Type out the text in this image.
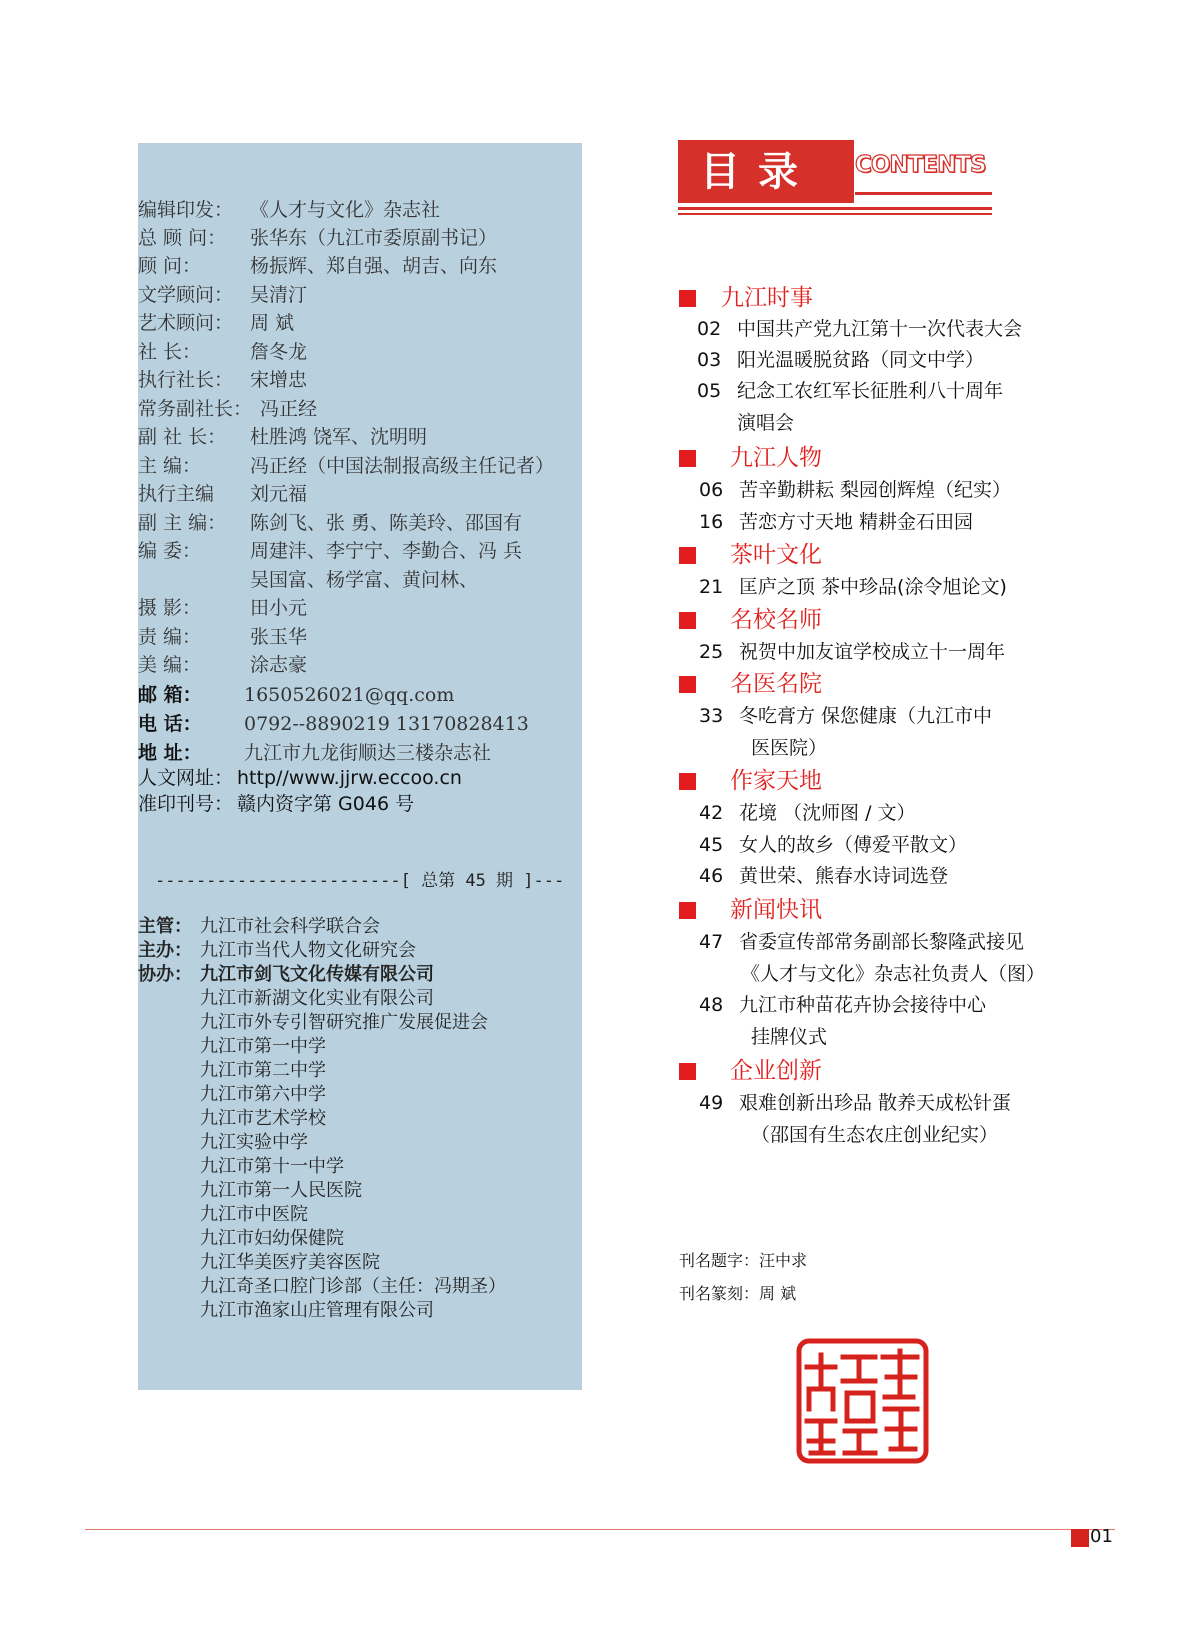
编辑印发： 《人才与文化》杂志社
总 顾 问： 张华东（九江市委原副书记）
顾 问：	杨振辉、郑自强、胡吉、向东
文学顾问： 吴清汀
艺术顾问： 周 斌
社 长：	詹冬龙
执行社长： 宋增忠
常务副社长： 冯正经
副 社 长： 杜胜鸿 饶军、沈明明
主 编：	冯正经（中国法制报高级主任记者）
执行主编 刘元福
副 主 编： 陈剑飞、张 勇、陈美玲、邵国有
编 委：	周建沣、李宁宁、李勤合、冯 兵
吴国富、杨学富、黄问林、
摄 影：	田小元
责 编：	张玉华
美 编：	涂志豪
邮 箱： 1650526021@qq.com
电 话： 0792--8890219 13170828413
地 址： 九江市九龙街顺达三楼杂志社
人文网址： http//www.jjrw.eccoo.cn
准印刊号： 赣内资字第 G046 号
------------------------[ 总第 45 期 ]---
主管： 九江市社会科学联合会
主办： 九江市当代人物文化研究会
协办： 九江市剑飞文化传媒有限公司
九江市新湖文化实业有限公司
九江市外专引智研究推广发展促进会
九江市第一中学
九江市第二中学
九江市第六中学
九江市艺术学校
九江实验中学
九江市第十一中学
九江市第一人民医院
九江市中医院
九江市妇幼保健院
九江华美医疗美容医院
九江奇圣口腔门诊部（主任：冯期圣）
九江市渔家山庄管理有限公司
目录	CONTENTS
九江时事
02 中国共产党九江第十一次代表大会
03 阳光温暖脱贫路（同文中学）
05 纪念工农红军长征胜利八十周年
演唱会
九江人物
06 苦辛勤耕耘 梨园创辉煌（纪实）
16 苦恋方寸天地 精耕金石田园
茶叶文化
21 匡庐之顶 茶中珍品(涂令旭论文)
名校名师
25 祝贺中加友谊学校成立十一周年
名医名院
33 冬吃膏方 保您健康（九江市中
医医院）
作家天地
42 花境 （沈师图 / 文）
45 女人的故乡（傅爱平散文）
46 黄世荣、熊春水诗词选登
新闻快讯
47 省委宣传部常务副部长黎隆武接见
《人才与文化》杂志社负责人（图）
48 九江市种苗花卉协会接待中心
挂牌仪式
企业创新
49 艰难创新出珍品 散养天成松针蛋
（邵国有生态农庄创业纪实）
刊名题字：汪中求
刊名篆刻：周 斌
01
